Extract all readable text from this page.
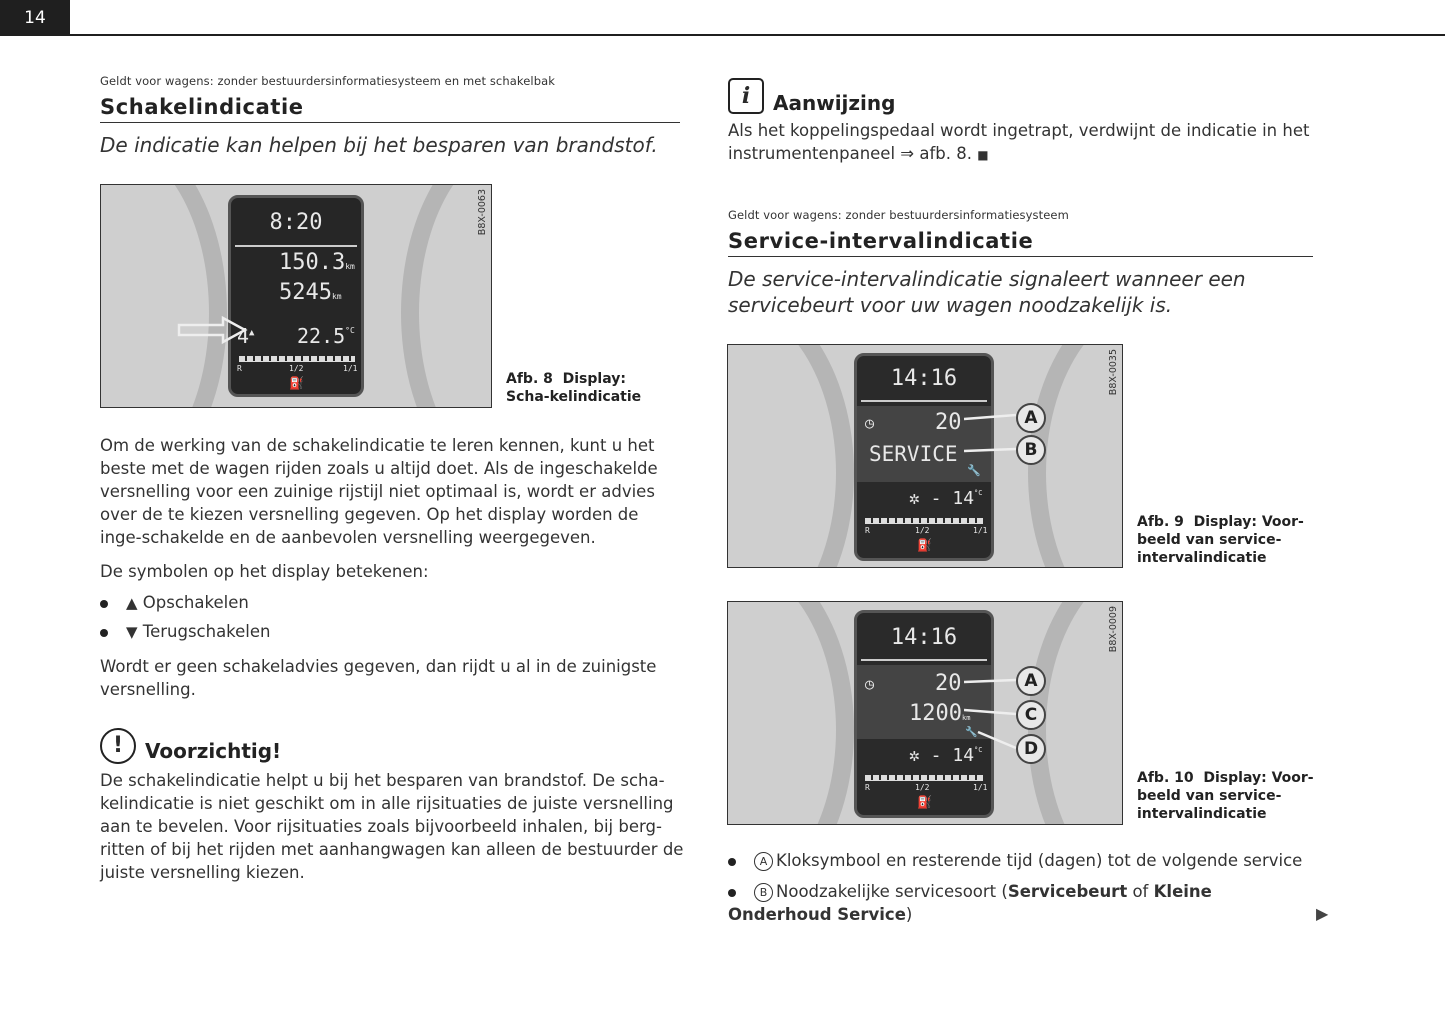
14
Geldt voor wagens: zonder bestuurdersinformatiesysteem en met schakelbak
Schakelindicatie
De indicatie kan helpen bij het besparen van brandstof.
8:20
150.3km
5245km
4▲ $22.5^{^\circ C}$
R	1/2	1/1
⛽
B8X-0063
Afb. 8 Display: Scha-kelindicatie
Om de werking van de schakelindicatie te leren kennen, kunt u het beste met de wagen rijden zoals u altijd doet. Als de ingeschakelde versnelling voor een zuinige rijstijl niet optimaal is, wordt er advies over de te kiezen versnelling gegeven. Op het display worden de inge-schakelde en de aanbevolen versnelling weergegeven.
De symbolen op het display betekenen:
▲ Opschakelen
▼ Terugschakelen
Wordt er geen schakeladvies gegeven, dan rijdt u al in de zuinigste versnelling.
!	Voorzichtig!
De schakelindicatie helpt u bij het besparen van brandstof. De scha-kelindicatie is niet geschikt om in alle rijsituaties de juiste versnelling aan te bevelen. Voor rijsituaties zoals bijvoorbeeld inhalen, bij berg-ritten of bij het rijden met aanhangwagen kan alleen de bestuurder de juiste versnelling kiezen.
i	Aanwijzing
Als het koppelingspedaal wordt ingetrapt, verdwijnt de indicatie in het instrumentenpaneel ⇒ afb. 8. ■
Geldt voor wagens: zonder bestuurdersinformatiesysteem
Service-intervalindicatie
De service-intervalindicatie signaleert wanneer een servicebeurt voor uw wagen noodzakelijk is.
14:16
◷	20
SERVICE
🔧
✲ - $14^{^\circ C}$
R	1/2	1/1
⛽
A
B
B8X-0035
Afb. 9 Display: Voor-beeld van service-intervalindicatie
14:16
◷	20
1200km
🔧
✲ - $14^{^\circ C}$
R	1/2	1/1
⛽
A
C
D
B8X-0009
Afb. 10 Display: Voor-beeld van service-intervalindicatie
A Kloksymbool en resterende tijd (dagen) tot de volgende service
B Noodzakelijke servicesoort (Servicebeurt of Kleine Onderhoud Service)	▶
